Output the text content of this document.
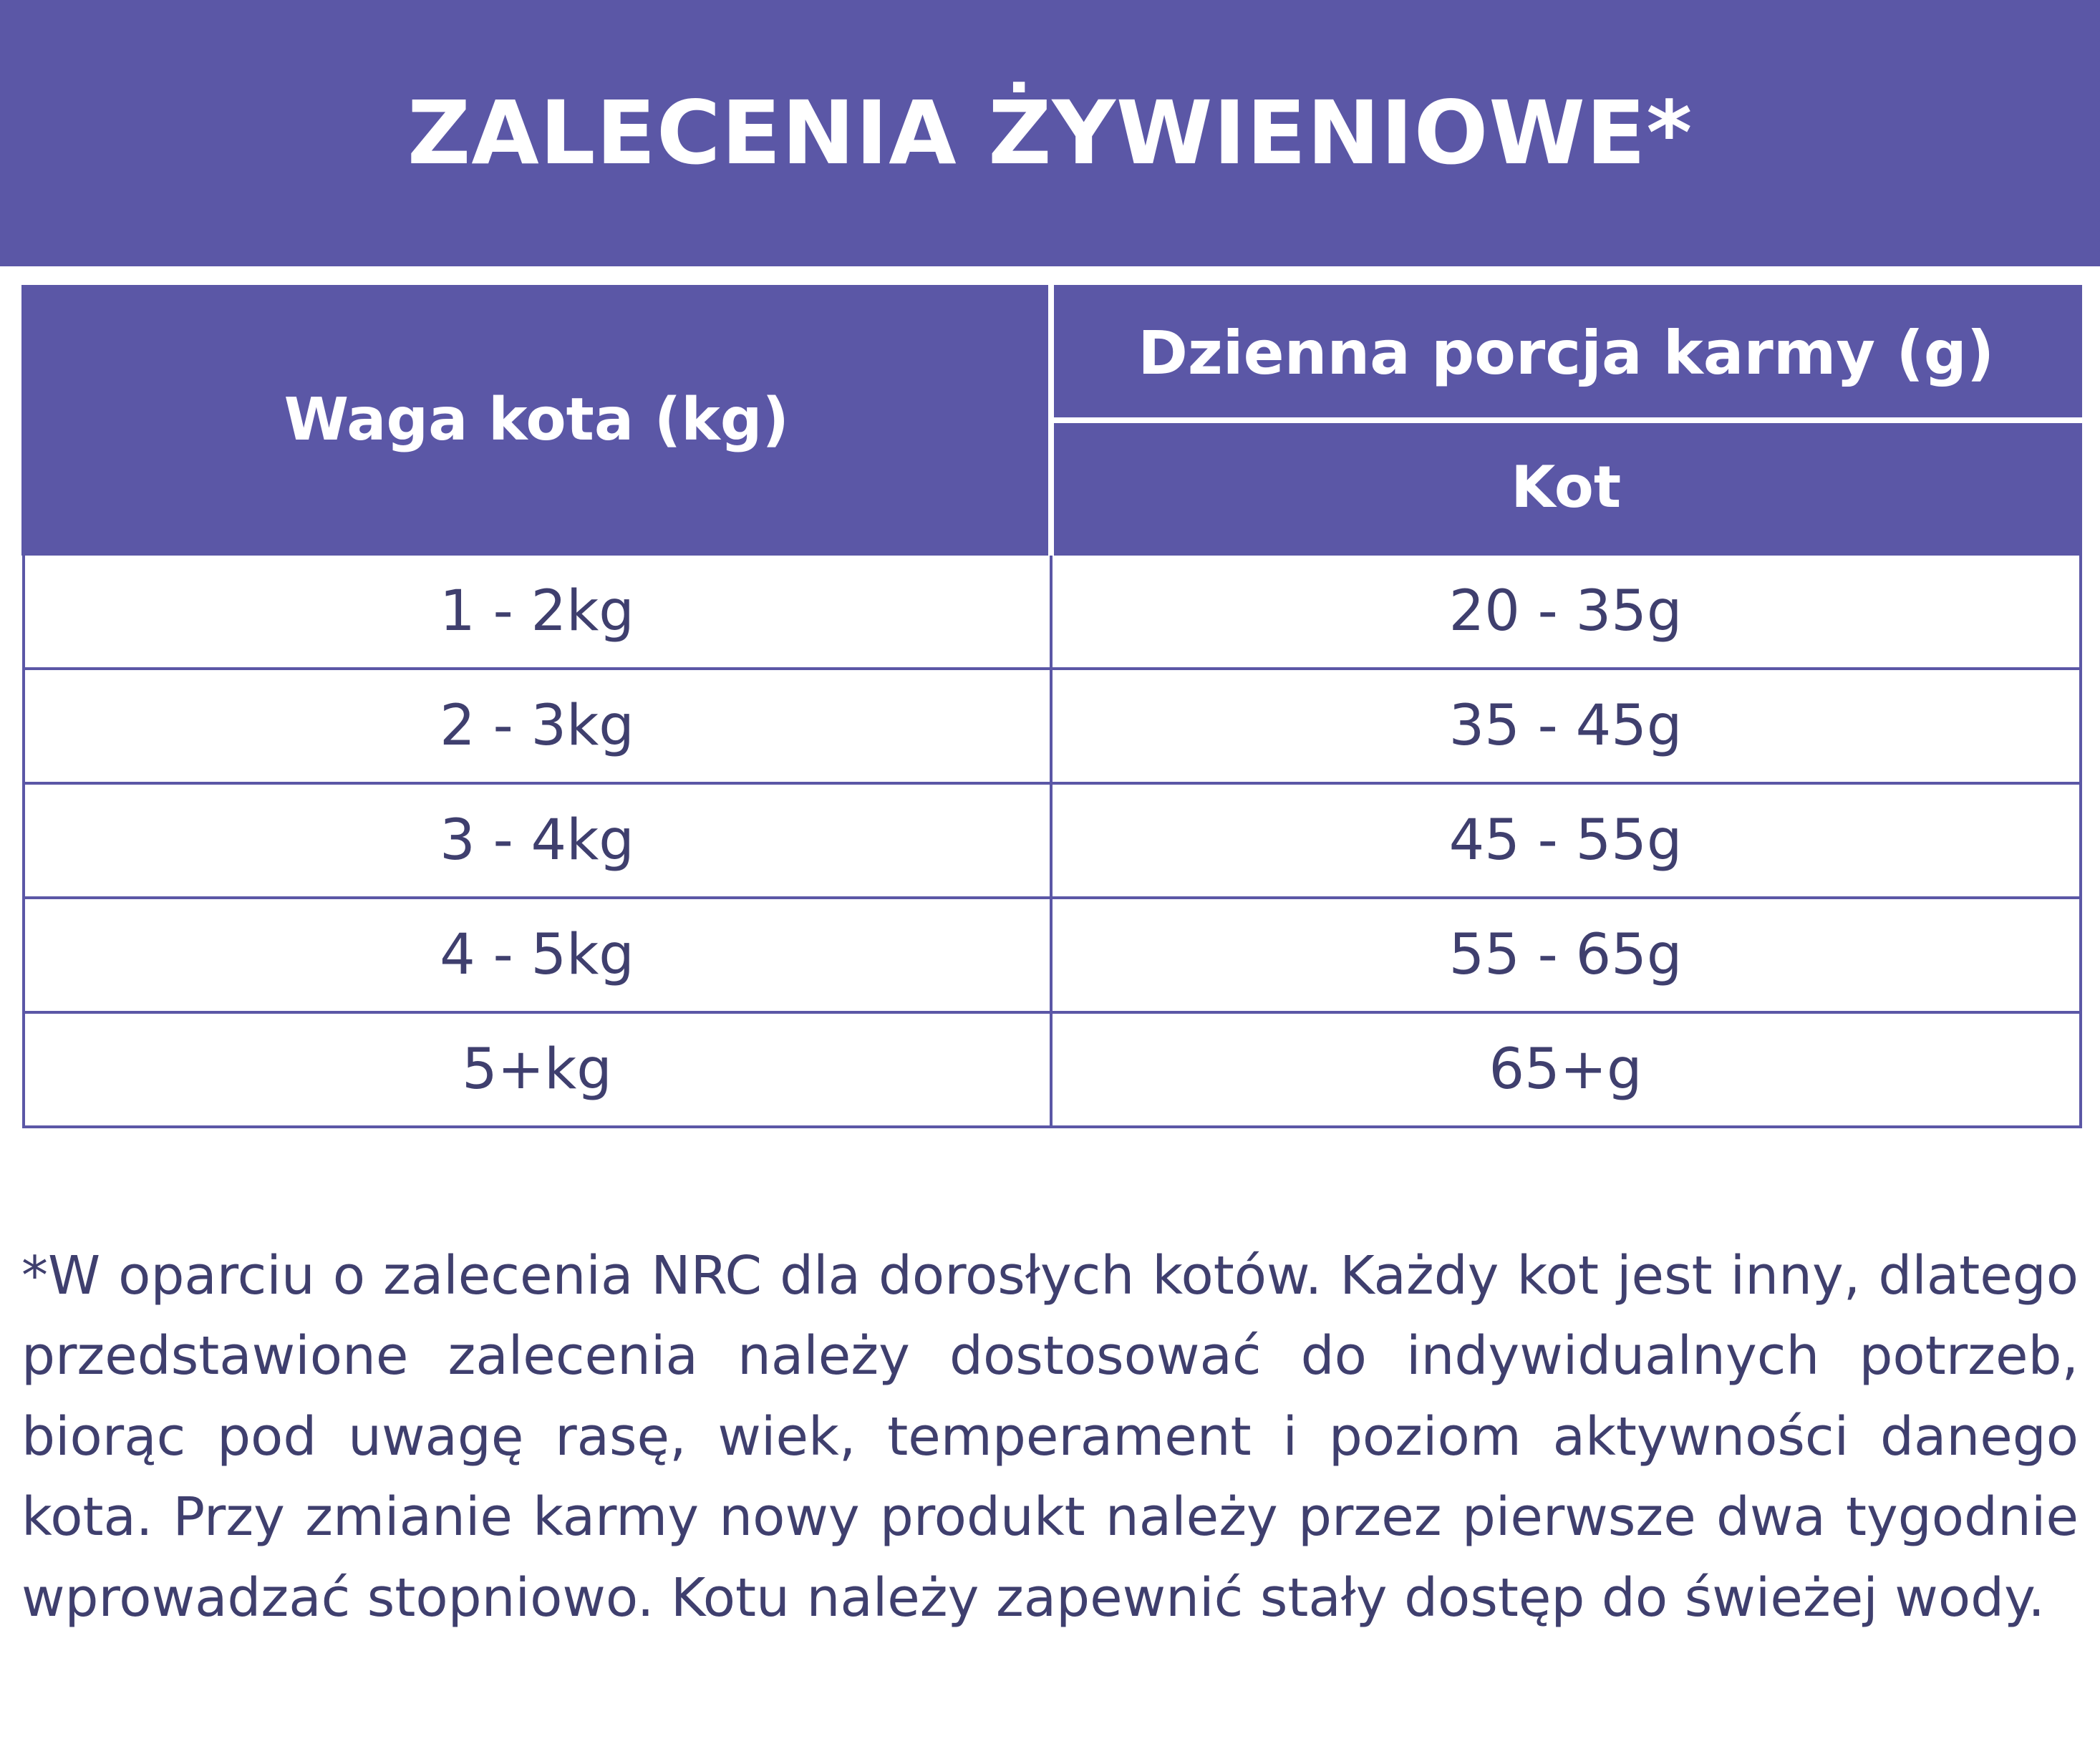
ZALECENIA ŻYWIENIOWE*
Waga kota (kg)	Dzienna porcja karmy (g)
	Kot
1 - 2kg	20 - 35g
2 - 3kg	35 - 45g
3 - 4kg	45 - 55g
4 - 5kg	55 - 65g
5+kg	65+g
*W oparciu o zalecenia NRC dla dorosłych kotów. Każdy kot jest inny, dlatego przedstawione zalecenia należy dostosować do indywidualnych potrzeb, biorąc pod uwagę rasę, wiek, temperament i poziom aktywności danego kota. Przy zmianie karmy nowy produkt należy przez pierwsze dwa tygodnie wprowadzać stopniowo. Kotu należy zapewnić stały dostęp do świeżej wody.
